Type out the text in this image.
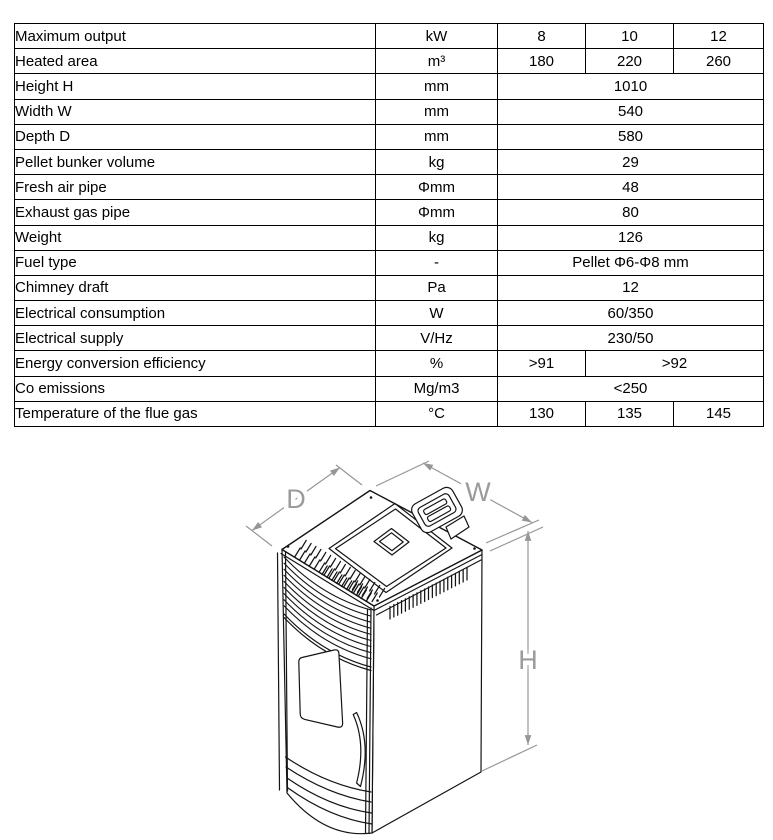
Maximum output	kW	8	10	12
Heated area	m³	180	220	260
Height H	mm	1010		
Width W	mm	540		
Depth D	mm	580		
Pellet bunker volume	kg	29		
Fresh air pipe	Φmm	48		
Exhaust gas pipe	Φmm	80		
Weight	kg	126		
Fuel type	-	Pellet Φ6-Φ8 mm		
Chimney draft	Pa	12		
Electrical consumption	W	60/350		
Electrical supply	V/Hz	230/50		
Energy conversion efficiency	%	>91	>92	
Co emissions	Mg/m3	<250		
Temperature of the flue gas	°C	130	135	145
D	W
H
